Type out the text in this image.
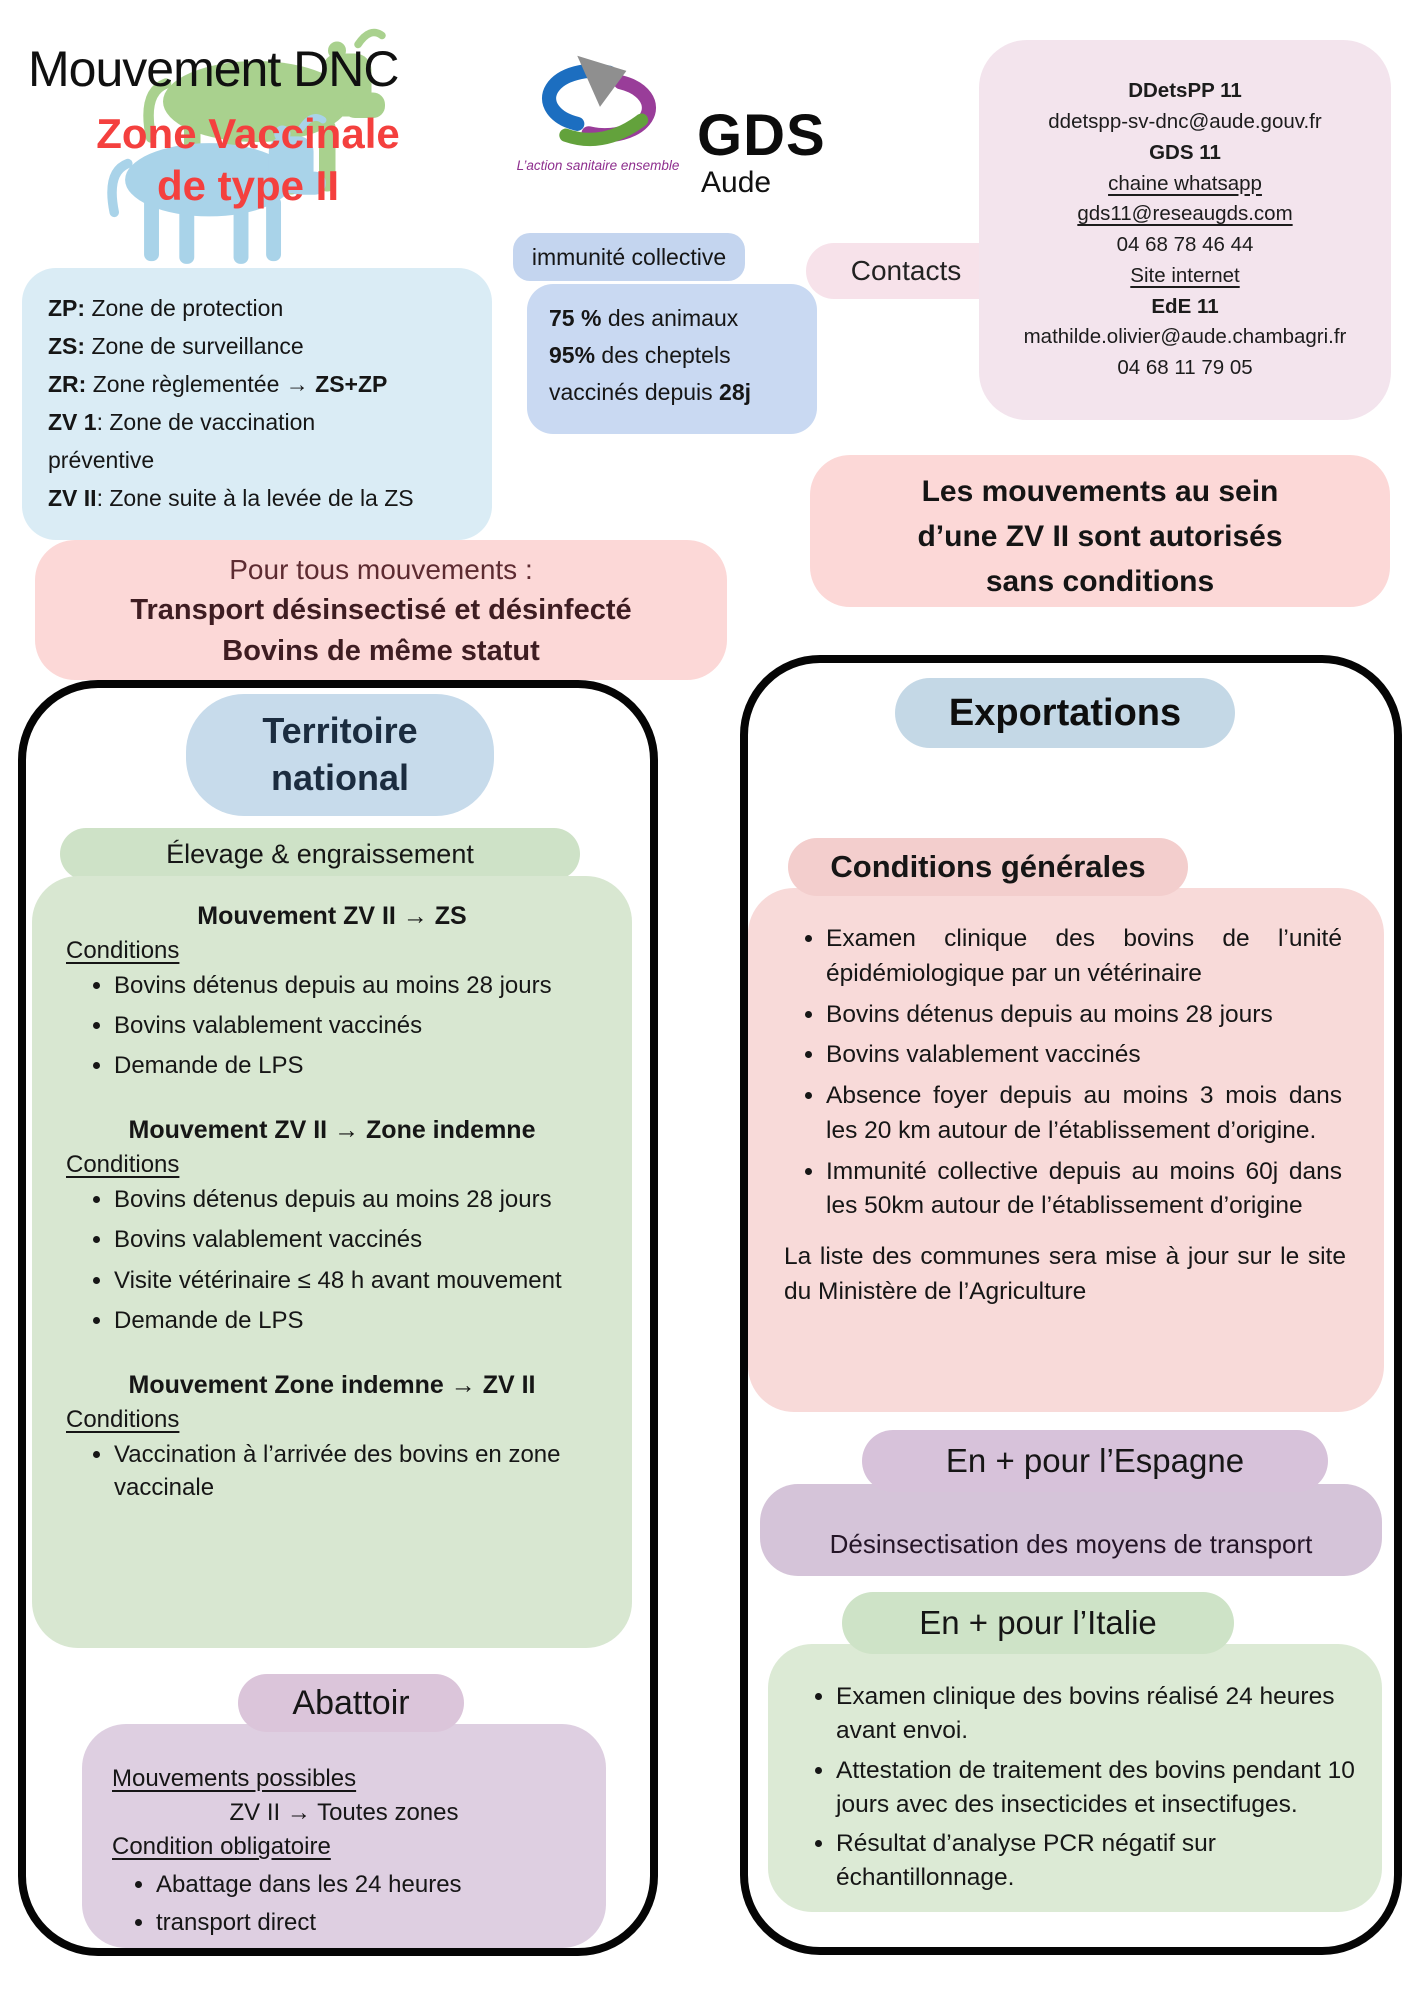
Mouvement DNC
Zone Vaccinale
de type II	L’action sanitaire ensemble GDS
Aude
Contacts
DDetsPP 11
ddetspp-sv-dnc@aude.gouv.fr
GDS 11
chaine whatsapp
gds11@reseaugds.com
04 68 78 46 44
Site internet
EdE 11
mathilde.olivier@aude.chambagri.fr
04 68 11 79 05
immunité collective
75 % des animaux
95% des cheptels
vaccinés depuis 28j
ZP: Zone de protection
ZS: Zone de surveillance
ZR: Zone règlementée → ZS+ZP
ZV 1: Zone de vaccination
préventive
ZV II: Zone suite à la levée de la ZS	Les mouvements au sein
d’une ZV II sont autorisés
sans conditions
Pour tous mouvements :
Transport désinsectisé et désinfecté
Bovins de même statut
Territoire national
Élevage & engraissement
Mouvement ZV II → ZS
Conditions
• Bovins détenus depuis au moins 28 jours
• Bovins valablement vaccinés
• Demande de LPS
Mouvement ZV II → Zone indemne
Conditions
• Bovins détenus depuis au moins 28 jours
• Bovins valablement vaccinés
• Visite vétérinaire ≤ 48 h avant mouvement
• Demande de LPS
Mouvement Zone indemne → ZV II
Conditions
• Vaccination à l’arrivée des bovins en zone vaccinale
Abattoir
Mouvements possibles
ZV II → Toutes zones
Condition obligatoire
• Abattage dans les 24 heures
• transport direct
Exportations
Conditions générales
• Examen clinique des bovins de l’unité épidémiologique par un vétérinaire
• Bovins détenus depuis au moins 28 jours
• Bovins valablement vaccinés
• Absence foyer depuis au moins 3 mois dans les 20 km autour de l’établissement d’origine.
• Immunité collective depuis au moins 60j dans les 50km autour de l’établissement d’origine
La liste des communes sera mise à jour sur le site du Ministère de l’Agriculture
En + pour l’Espagne
Désinsectisation des moyens de transport
En + pour l’Italie
• Examen clinique des bovins réalisé 24 heures avant envoi.
• Attestation de traitement des bovins pendant 10 jours avec des insecticides et insectifuges.
• Résultat d’analyse PCR négatif sur échantillonnage.
